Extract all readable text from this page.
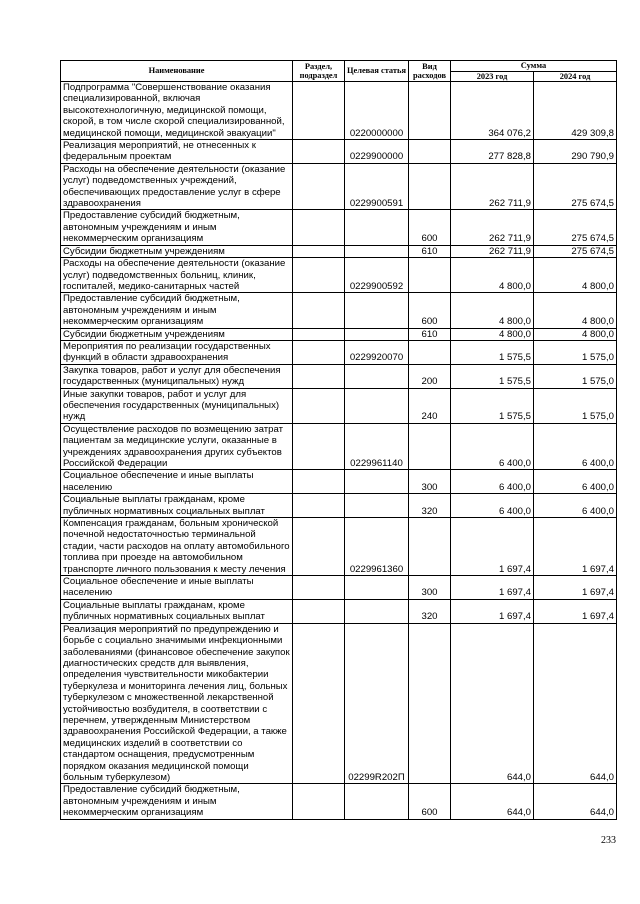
Наименование	Раздел, подраздел	Целевая статья	Вид расходов	Сумма	
				2023 год	2024 год
Подпрограмма "Совершенствование оказания специализированной, включая высокотехнологичную, медицинской помощи, скорой, в том числе скорой специализированной, медицинской помощи, медицинской эвакуации"		0220000000		364 076,2	429 309,8
Реализация мероприятий, не отнесенных к федеральным проектам		0229900000		277 828,8	290 790,9
Расходы на обеспечение деятельности (оказание услуг) подведомственных учреждений, обеспечивающих предоставление услуг в сфере здравоохранения		0229900591		262 711,9	275 674,5
Предоставление субсидий бюджетным, автономным учреждениям и иным некоммерческим организациям			600	262 711,9	275 674,5
Субсидии бюджетным учреждениям			610	262 711,9	275 674,5
Расходы на обеспечение деятельности (оказание услуг) подведомственных больниц, клиник, госпиталей, медико-санитарных частей		0229900592		4 800,0	4 800,0
Предоставление субсидий бюджетным, автономным учреждениям и иным некоммерческим организациям			600	4 800,0	4 800,0
Субсидии бюджетным учреждениям			610	4 800,0	4 800,0
Мероприятия по реализации государственных функций в области здравоохранения		0229920070		1 575,5	1 575,0
Закупка товаров, работ и услуг для обеспечения государственных (муниципальных) нужд			200	1 575,5	1 575,0
Иные закупки товаров, работ и услуг для обеспечения государственных (муниципальных) нужд			240	1 575,5	1 575,0
Осуществление расходов по возмещению затрат пациентам за медицинские услуги, оказанные в учреждениях здравоохранения других субъектов Российской Федерации		0229961140		6 400,0	6 400,0
Социальное обеспечение и иные выплаты населению			300	6 400,0	6 400,0
Социальные выплаты гражданам, кроме публичных нормативных социальных выплат			320	6 400,0	6 400,0
Компенсация гражданам, больным хронической почечной недостаточностью терминальной стадии, части расходов на оплату автомобильного топлива при проезде на автомобильном транспорте личного пользования к месту лечения		0229961360		1 697,4	1 697,4
Социальное обеспечение и иные выплаты населению			300	1 697,4	1 697,4
Социальные выплаты гражданам, кроме публичных нормативных социальных выплат			320	1 697,4	1 697,4
Реализация мероприятий по предупреждению и борьбе с социально значимыми инфекционными заболеваниями (финансовое обеспечение закупок диагностических средств для выявления, определения чувствительности микобактерии туберкулеза и мониторинга лечения лиц, больных туберкулезом с множественной лекарственной устойчивостью возбудителя, в соответствии с перечнем, утвержденным Министерством здравоохранения Российской Федерации, а также медицинских изделий в соответствии со стандартом оснащения, предусмотренным порядком оказания медицинской помощи больным туберкулезом)		02299R202П		644,0	644,0
Предоставление субсидий бюджетным, автономным учреждениям и иным некоммерческим организациям			600	644,0	644,0
233
